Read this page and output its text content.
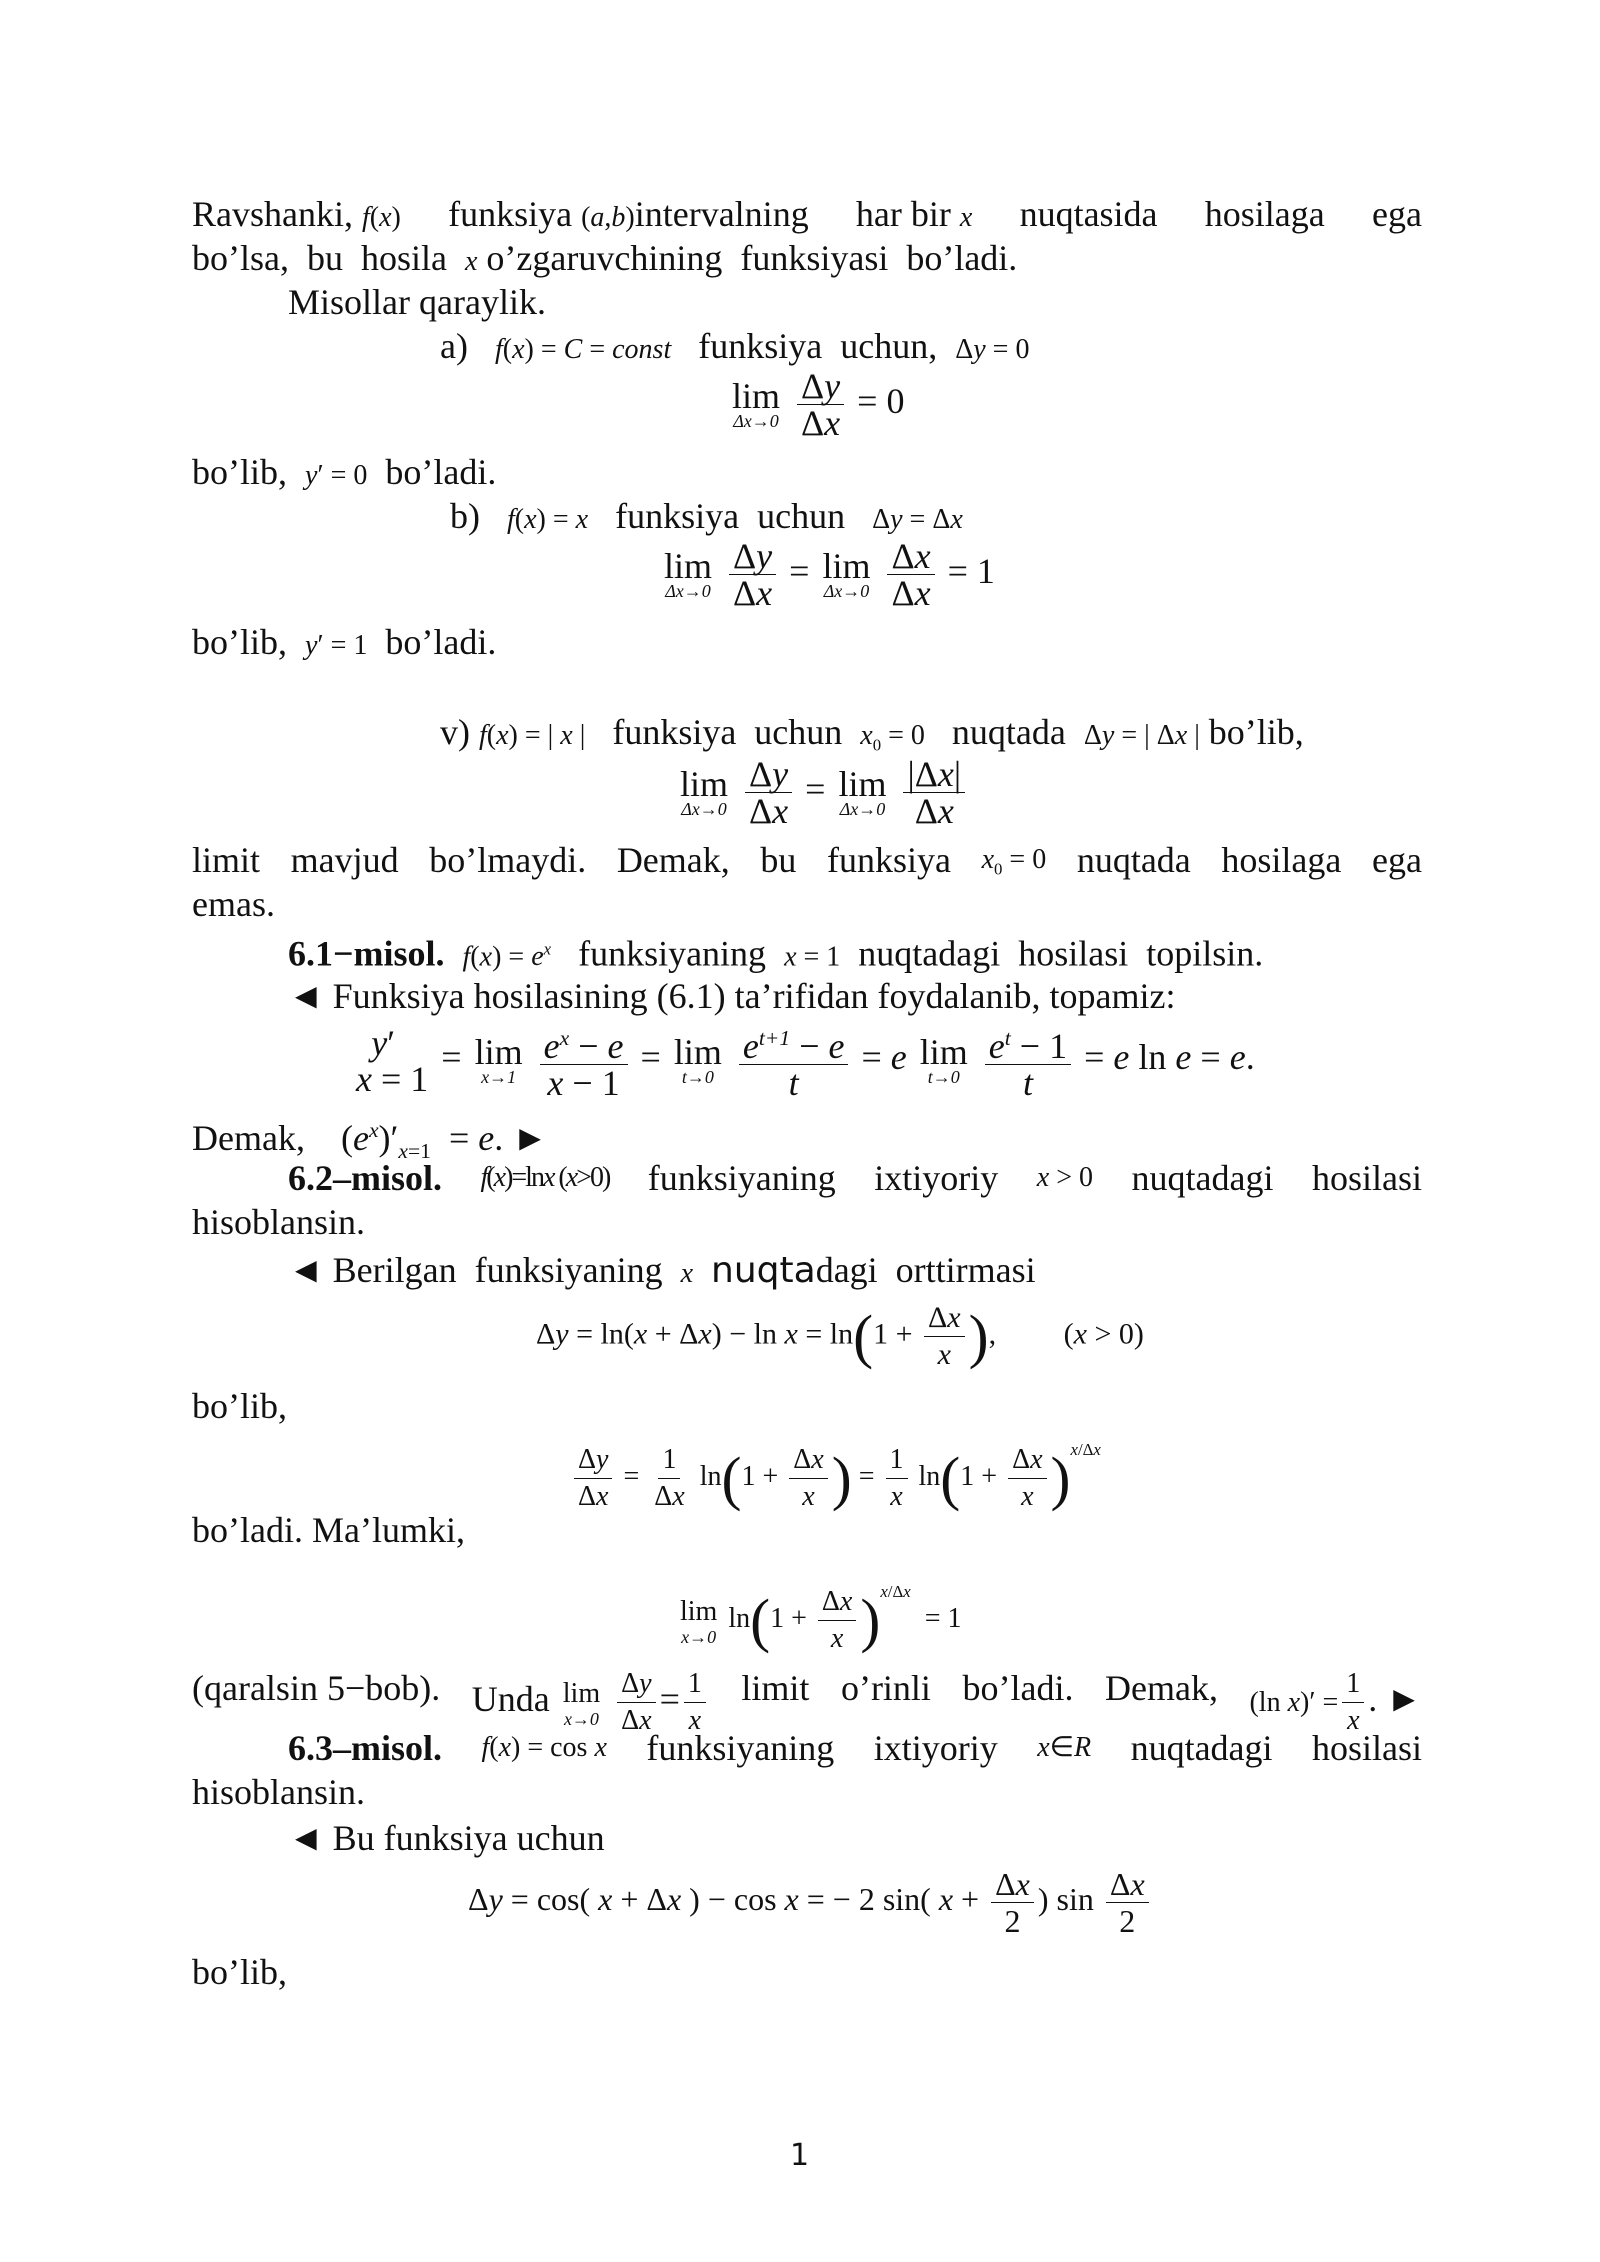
Ravshanki, f(x) funksiya (a,b)intervalning har bir x nuqtasida hosilaga ega
bo’lsa,  bu  hosila  x o’zgaruvchining  funksiyasi  bo’ladi.
Misollar qaraylik.
a) f(x) = C = const   funksiya  uchun,  Δy = 0
lim
Δx→0
$\frac{\Delta y}{\Delta x} = 0$
bo’lib,  y′ = 0  bo’ladi.
b) f(x) = x   funksiya  uchun   Δy = Δx
lim
Δx→0
$\frac{\Delta y}{\Delta x} = \lim$
Δx→0
$\frac{\Delta x}{\Delta x} = 1$
bo’lib,  y′ = 1  bo’ladi.
v) f(x) = | x |   funksiya  uchun  $x_0 = 0$   nuqtada  Δy = | Δx | bo’lib,
lim
Δx→0
$\frac{\Delta y}{\Delta x} = \lim$
Δx→0
$\frac{|\Delta x|}{\Delta x}$
limit mavjud bo’lmaydi. Demak, bu funksiya $x_0 = 0$ nuqtada hosilaga ega
emas.
6.1−misol. $f(x) = e^x$   funksiyaning  x = 1  nuqtadagi  hosilasi  topilsin.
◄ Funksiya hosilasining (6.1) ta’rifidan foydalanib, topamiz:
y′
x = 1
= lim
x→1
$\frac{e^x - e}{x - 1} = \lim$
t→0
$\frac{e^{t+1} - e}{t} = e$ lim
t→0
$\frac{e^t - 1}{t} = e$ ln e = e.
Demak,    $(e^x)'_{x=1} = e$. ►
6.2–misol. f(x)=lnx (x>0) funksiyaning ixtiyoriy x > 0 nuqtadagi hosilasi
hisoblansin.
◄ Berilgan  funksiyaning  x nuqtadagi  orttirmasi
$\Delta y = \ln(x + \Delta x) - \ln x = \ln(1 + \frac{\Delta x}{x}$ ),         (x > 0)
bo’lib,
$\frac{\Delta y}{\Delta x} = \frac{1}{\Delta x} \ln(1 + \frac{\Delta x}{x}$ ) = $\frac{1}{x} \ln(1 + \frac{\Delta x}{x} )^{x/\Delta x}$
bo’ladi. Ma’lumki,
lim
x→0
$\ln(1 + \frac{\Delta x}{x} )^{x/\Delta x} = 1$
(qaralsin 5−bob). Unda lim
x→0
$\frac{\Delta y}{\Delta x} = \frac{1}{x}$ limit o’rinli bo’ladi. Demak, (ln $x)' = \frac{1}{x}$ . ►
6.3–misol. f(x) = cos x funksiyaning ixtiyoriy x∈R nuqtadagi hosilasi
hisoblansin.
◄ Bu funksiya uchun
Δy = cos( x + Δx ) − cos x = − 2 sin( $x + \frac{\Delta x}{2}$ ) $\sin \frac{\Delta x}{2}$
bo’lib,
1
